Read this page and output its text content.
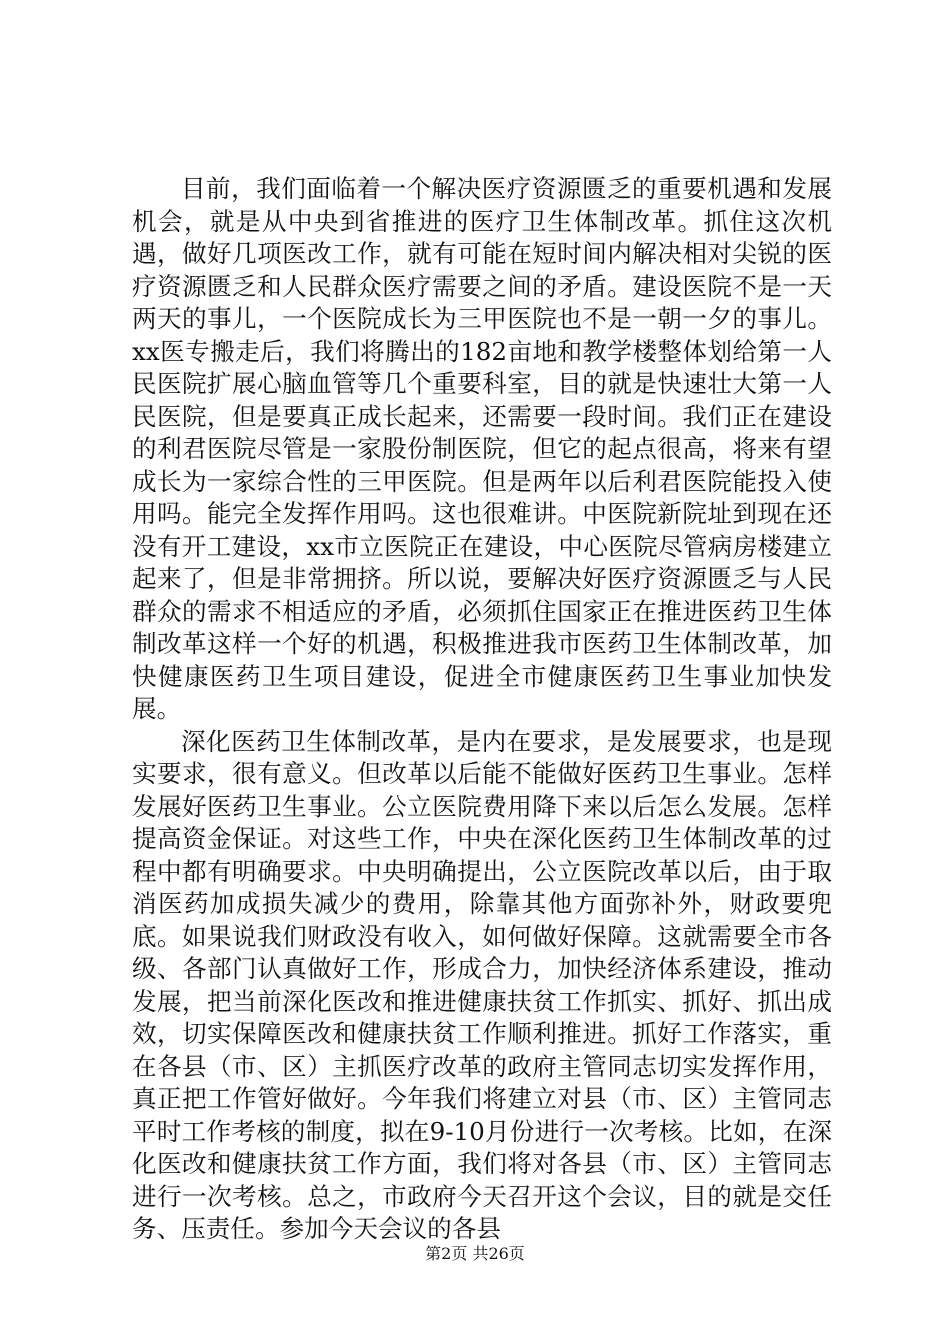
目前，我们面临着一个解决医疗资源匮乏的重要机遇和发展机会，就是从中央到省推进的医疗卫生体制改革。抓住这次机遇，做好几项医改工作，就有可能在短时间内解决相对尖锐的医疗资源匮乏和人民群众医疗需要之间的矛盾。建设医院不是一天两天的事儿，一个医院成长为三甲医院也不是一朝一夕的事儿。xx医专搬走后，我们将腾出的182亩地和教学楼整体划给第一人民医院扩展心脑血管等几个重要科室，目的就是快速壮大第一人民医院，但是要真正成长起来，还需要一段时间。我们正在建设的利君医院尽管是一家股份制医院，但它的起点很高，将来有望成长为一家综合性的三甲医院。但是两年以后利君医院能投入使用吗。能完全发挥作用吗。这也很难讲。中医院新院址到现在还没有开工建设，xx市立医院正在建设，中心医院尽管病房楼建立起来了，但是非常拥挤。所以说，要解决好医疗资源匮乏与人民群众的需求不相适应的矛盾，必须抓住国家正在推进医药卫生体制改革这样一个好的机遇，积极推进我市医药卫生体制改革，加快健康医药卫生项目建设，促进全市健康医药卫生事业加快发展。

深化医药卫生体制改革，是内在要求，是发展要求，也是现实要求，很有意义。但改革以后能不能做好医药卫生事业。怎样发展好医药卫生事业。公立医院费用降下来以后怎么发展。怎样提高资金保证。对这些工作，中央在深化医药卫生体制改革的过程中都有明确要求。中央明确提出，公立医院改革以后，由于取消医药加成损失减少的费用，除靠其他方面弥补外，财政要兜底。如果说我们财政没有收入，如何做好保障。这就需要全市各级、各部门认真做好工作，形成合力，加快经济体系建设，推动发展，把当前深化医改和推进健康扶贫工作抓实、抓好、抓出成效，切实保障医改和健康扶贫工作顺利推进。抓好工作落实，重在各县（市、区）主抓医疗改革的政府主管同志切实发挥作用，真正把工作管好做好。今年我们将建立对县（市、区）主管同志平时工作考核的制度，拟在9-10月份进行一次考核。比如，在深化医改和健康扶贫工作方面，我们将对各县（市、区）主管同志进行一次考核。总之，市政府今天召开这个会议，目的就是交任务、压责任。参加今天会议的各县

第2页 共26页
